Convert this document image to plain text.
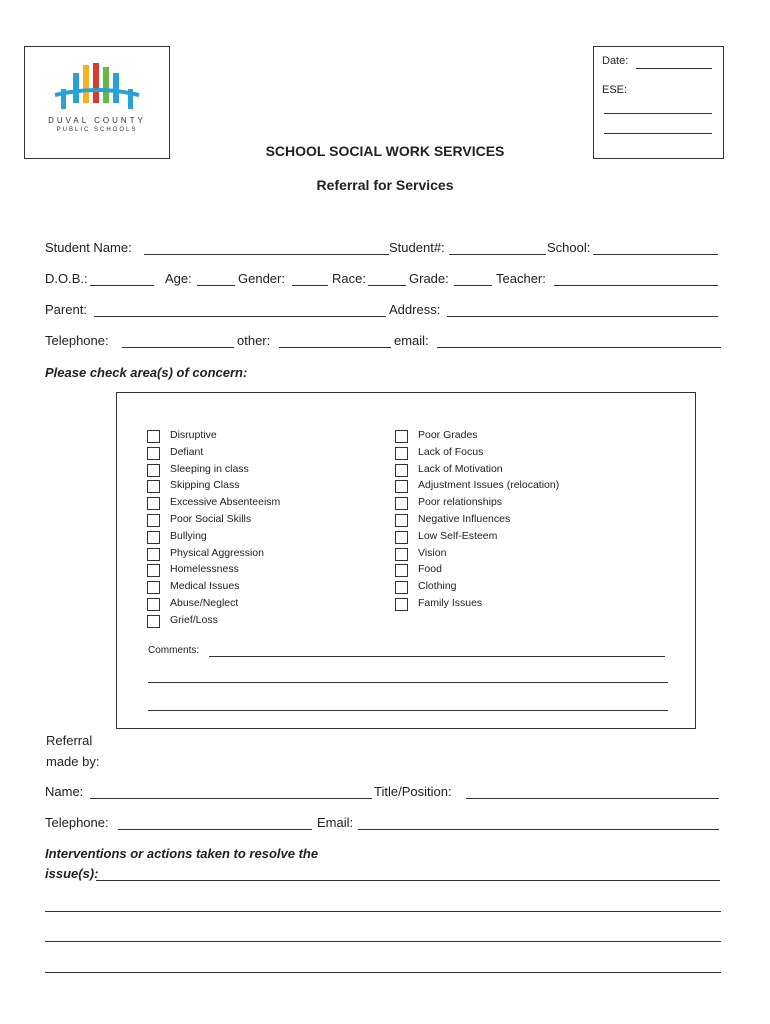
DUVAL COUNTY
PUBLIC SCHOOLS
Date:
ESE:
SCHOOL SOCIAL WORK SERVICES
Referral for Services
Student Name:	Student#:	School:
D.O.B.:	Age:	Gender:	Race:	Grade:	Teacher:
Parent:	Address:
Telephone:	other:	email:
Please check area(s) of concern:
Disruptive
Defiant
Sleeping in class
Skipping Class
Excessive Absenteeism
Poor Social Skills
Bullying
Physical Aggression
Homelessness
Medical Issues
Abuse/Neglect
Grief/Loss
Poor Grades
Lack of Focus
Lack of Motivation
Adjustment Issues (relocation)
Poor relationships
Negative Influences
Low Self-Esteem
Vision
Food
Clothing
Family Issues
Comments:
Referral
made by:
Name:	Title/Position:
Telephone:	Email:
Interventions or actions taken to resolve the
issue(s):
